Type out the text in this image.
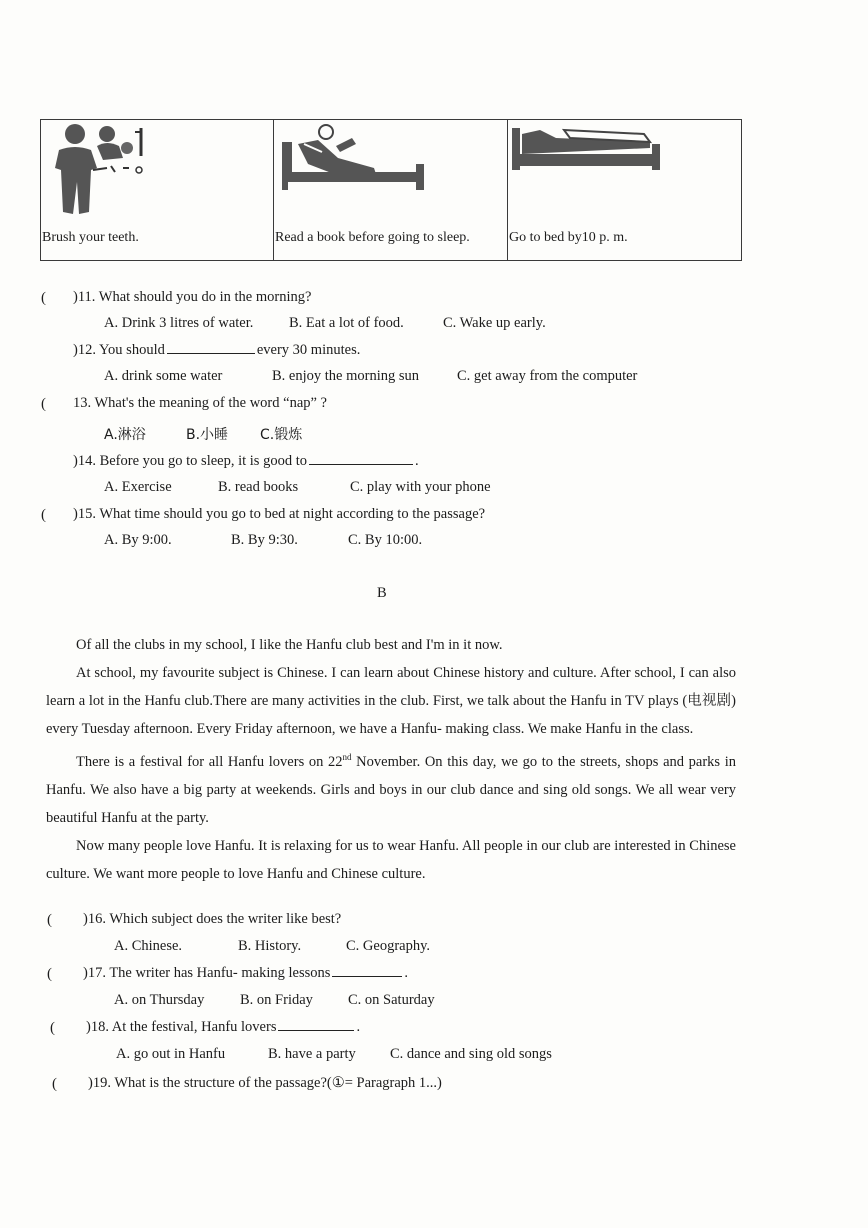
Brush your teeth.	Read a book before going to sleep.	Go to bed by10 p. m.
( )11. What should you do in the morning?
A. Drink 3 litres of water. B. Eat a lot of food.	C. Wake up early.
)12. You should	every 30 minutes.
A. drink some water	B. enjoy the morning sun	C. get away from the computer
( 13. What's the meaning of the word “nap” ?
A.淋浴	B.小睡 C.锻炼
)14. Before you go to sleep, it is good to	.
A. Exercise	B. read books	C. play with your phone
( )15. What time should you go to bed at night according to the passage?
A. By 9:00.	B. By 9:30.	C. By 10:00.
B

Of all the clubs in my school, I like the Hanfu club best and I'm in it now.

At school, my favourite subject is Chinese. I can learn about Chinese history and culture. After school, I can also learn a lot in the Hanfu club.There are many activities in the club. First, we talk about the Hanfu in TV plays (电视剧) every Tuesday afternoon. Every Friday afternoon, we have a Hanfu- making class. We make Hanfu in the class.

There is a festival for all Hanfu lovers on 22nd November. On this day, we go to the streets, shops and parks in Hanfu. We also have a big party at weekends. Girls and boys in our club dance and sing old songs. We all wear very beautiful Hanfu at the party.

Now many people love Hanfu. It is relaxing for us to wear Hanfu. All people in our club are interested in Chinese culture. We want more people to love Hanfu and Chinese culture.

( )16. Which subject does the writer like best?
A. Chinese.	B. History.	C. Geography.
( )17. The writer has Hanfu- making lessons	.
A. on Thursday B. on Friday C. on Saturday
( )18. At the festival, Hanfu lovers	.
A. go out in Hanfu	B. have a party C. dance and sing old songs
( )19. What is the structure of the passage?(①= Paragraph 1...)
